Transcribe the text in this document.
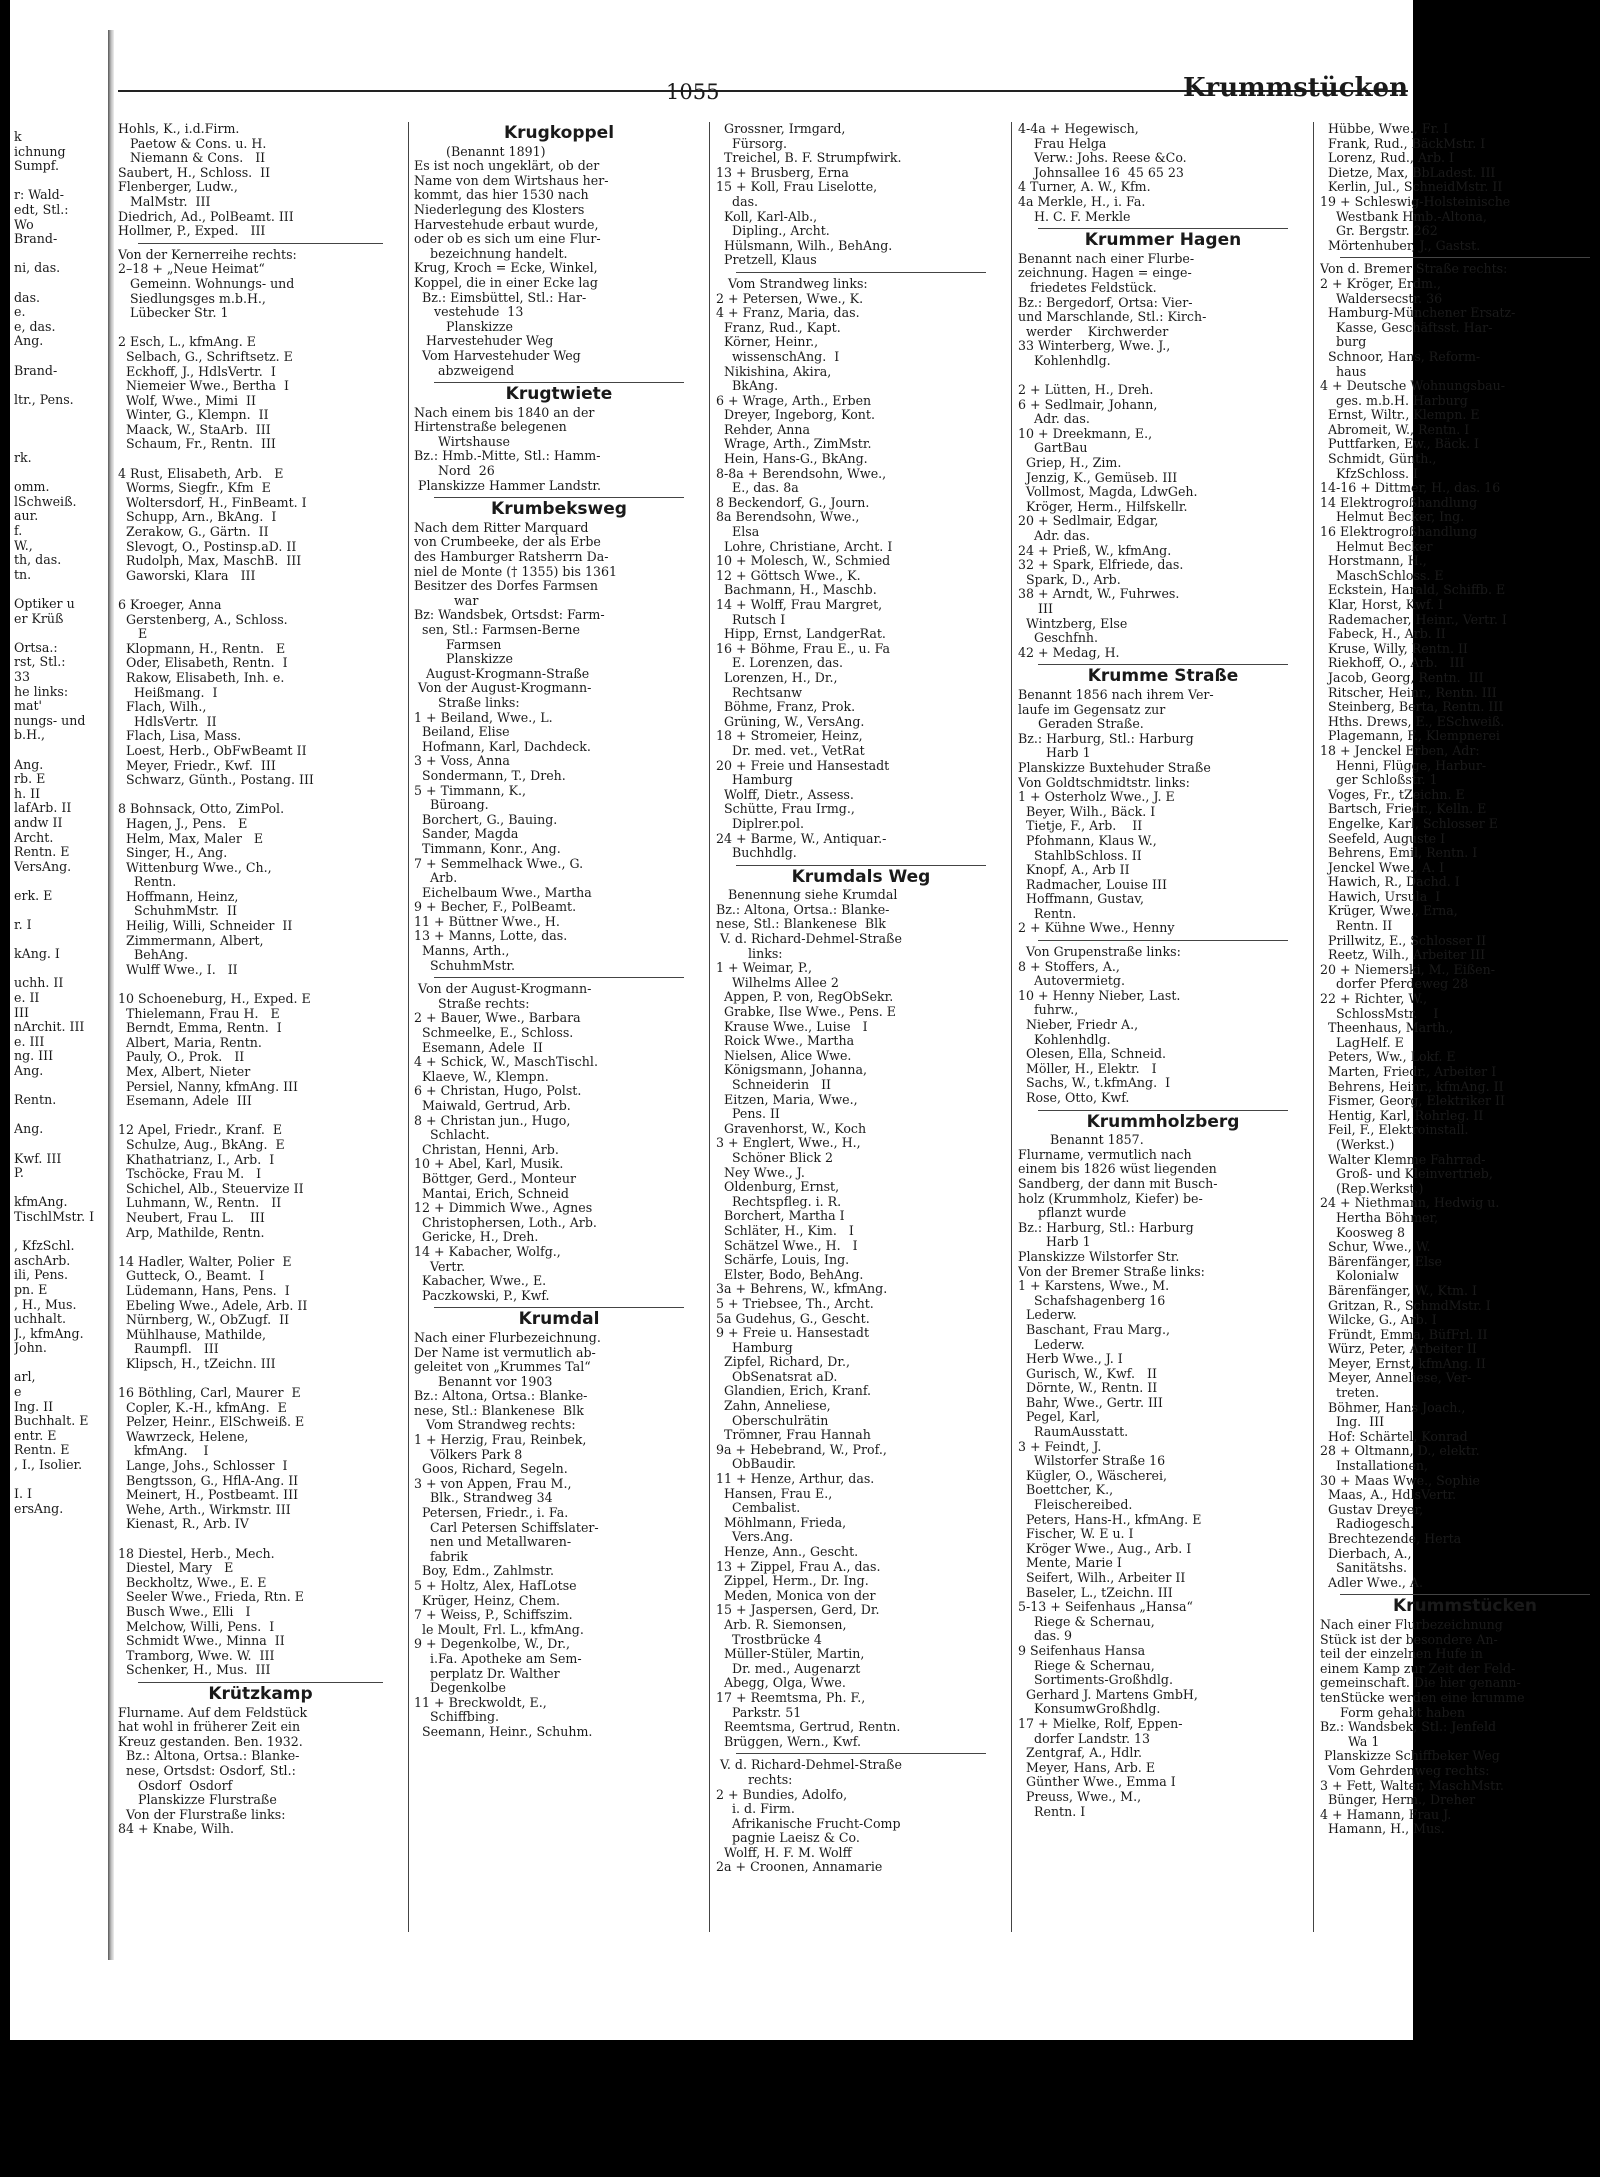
k
ichnung
Sumpf.

r: Wald-
edt, Stl.:
Wo
Brand-

ni, das.

das.
e.
e, das.
Ang.

Brand-

ltr., Pens.

rk.

omm.
lSchweiß.
aur.
f.
W.,
th, das.
tn.

Optiker u
er Krüß

Ortsa.:
rst, Stl.:
33
he links:
mat'
nungs- und
b.H.,

Ang.
rb. E
h. II
lafArb. II
andw II
Archt.
Rentn. E
VersAng.

erk. E

r. I

kAng. I

uchh. II
e. II
III
nArchit. III
e. III
ng. III
Ang.

Rentn.

Ang.

Kwf. III
P.

kfmAng.
TischlMstr. I

, KfzSchl.
aschArb.
ili, Pens.
pn. E
, H., Mus.
uchhalt.
J., kfmAng.
John.

arl,
e
Ing. II
Buchhalt. E
entr. E
Rentn. E
, I., Isolier.

I. I
ersAng.
1055	Krummstücken
Hohls, K., i.d.Firm.
Paetow & Cons. u. H.
Niemann & Cons.   II
Saubert, H., Schloss.  II
Flenberger, Ludw.,
MalMstr.  III
Diedrich, Ad., PolBeamt. III
Hollmer, P., Exped.   III
Von der Kernerreihe rechts:
2–18 + „Neue Heimat“
Gemeinn. Wohnungs- und
Siedlungsges m.b.H.,
Lübecker Str. 1

2 Esch, L., kfmAng. E
Selbach, G., Schriftsetz. E
Eckhoff, J., HdlsVertr.  I
Niemeier Wwe., Bertha  I
Wolf, Wwe., Mimi  II
Winter, G., Klempn.  II
Maack, W., StaArb.  III
Schaum, Fr., Rentn.  III

4 Rust, Elisabeth, Arb.   E
Worms, Siegfr., Kfm  E
Woltersdorf, H., FinBeamt. I
Schupp, Arn., BkAng.  I
Zerakow, G., Gärtn.  II
Slevogt, O., Postinsp.aD. II
Rudolph, Max, MaschB.  III
Gaworski, Klara   III

6 Kroeger, Anna
Gerstenberg, A., Schloss.
E
Klopmann, H., Rentn.   E
Oder, Elisabeth, Rentn.  I
Rakow, Elisabeth, Inh. e.
Heißmang.  I
Flach, Wilh.,
HdlsVertr.  II
Flach, Lisa, Mass.
Loest, Herb., ObFwBeamt II
Meyer, Friedr., Kwf.  III
Schwarz, Günth., Postang. III

8 Bohnsack, Otto, ZimPol.
Hagen, J., Pens.   E
Helm, Max, Maler   E
Singer, H., Ang.
Wittenburg Wwe., Ch.,
Rentn.
Hoffmann, Heinz,
SchuhmMstr.  II
Heilig, Willi, Schneider  II
Zimmermann, Albert,
BehAng.
Wulff Wwe., I.   II

10 Schoeneburg, H., Exped. E
Thielemann, Frau H.   E
Berndt, Emma, Rentn.  I
Albert, Maria, Rentn.
Pauly, O., Prok.   II
Mex, Albert, Nieter
Persiel, Nanny, kfmAng. III
Esemann, Adele  III

12 Apel, Friedr., Kranf.  E
Schulze, Aug., BkAng.  E
Khathatrianz, I., Arb.  I
Tschöcke, Frau M.   I
Schichel, Alb., Steuervize II
Luhmann, W., Rentn.   II
Neubert, Frau L.    III
Arp, Mathilde, Rentn.

14 Hadler, Walter, Polier  E
Gutteck, O., Beamt.  I
Lüdemann, Hans, Pens.  I
Ebeling Wwe., Adele, Arb. II
Nürnberg, W., ObZugf.  II
Mühlhause, Mathilde,
Raumpfl.   III
Klipsch, H., tZeichn. III

16 Böthling, Carl, Maurer  E
Copler, K.-H., kfmAng.  E
Pelzer, Heinr., ElSchweiß. E
Wawrzeck, Helene,
kfmAng.    I
Lange, Johs., Schlosser  I
Bengtsson, G., HflA-Ang. II
Meinert, H., Postbeamt. III
Wehe, Arth., Wirkmstr. III
Kienast, R., Arb. IV

18 Diestel, Herb., Mech.
Diestel, Mary   E
Beckholtz, Wwe., E. E
Seeler Wwe., Frieda, Rtn. E
Busch Wwe., Elli   I
Melchow, Willi, Pens.  I
Schmidt Wwe., Minna  II
Tramborg, Wwe. W.  III
Schenker, H., Mus.  III
Krützkamp
Flurname. Auf dem Feldstück
hat wohl in früherer Zeit ein
Kreuz gestanden. Ben. 1932.
Bz.: Altona, Ortsa.: Blanke-
nese, Ortsdst: Osdorf, Stl.:
Osdorf  Osdorf
Planskizze Flurstraße
Von der Flurstraße links:
84 + Knabe, Wilh.
Krugkoppel
(Benannt 1891)
Es ist noch ungeklärt, ob der
Name von dem Wirtshaus her-
kommt, das hier 1530 nach
Niederlegung des Klosters
Harvestehude erbaut wurde,
oder ob es sich um eine Flur-
bezeichnung handelt.
Krug, Kroch = Ecke, Winkel,
Koppel, die in einer Ecke lag
Bz.: Eimsbüttel, Stl.: Har-
vestehude  13
Planskizze
Harvestehuder Weg
Vom Harvestehuder Weg
abzweigend
Krugtwiete
Nach einem bis 1840 an der
Hirtenstraße belegenen
Wirtshause
Bz.: Hmb.-Mitte, Stl.: Hamm-
Nord  26
Planskizze Hammer Landstr.
Krumbeksweg
Nach dem Ritter Marquard
von Crumbeeke, der als Erbe
des Hamburger Ratsherrn Da-
niel de Monte († 1355) bis 1361
Besitzer des Dorfes Farmsen
war
Bz: Wandsbek, Ortsdst: Farm-
sen, Stl.: Farmsen-Berne
Farmsen
Planskizze
August-Krogmann-Straße
Von der August-Krogmann-
Straße links:
1 + Beiland, Wwe., L.
Beiland, Elise
Hofmann, Karl, Dachdeck.
3 + Voss, Anna
Sondermann, T., Dreh.
5 + Timmann, K.,
Büroang.
Borchert, G., Bauing.
Sander, Magda
Timmann, Konr., Ang.
7 + Semmelhack Wwe., G.
Arb.
Eichelbaum Wwe., Martha
9 + Becher, F., PolBeamt.
11 + Büttner Wwe., H.
13 + Manns, Lotte, das.
Manns, Arth.,
SchuhmMstr.
Von der August-Krogmann-
Straße rechts:
2 + Bauer, Wwe., Barbara
Schmeelke, E., Schloss.
Esemann, Adele  II
4 + Schick, W., MaschTischl.
Klaeve, W., Klempn.
6 + Christan, Hugo, Polst.
Maiwald, Gertrud, Arb.
8 + Christan jun., Hugo,
Schlacht.
Christan, Henni, Arb.
10 + Abel, Karl, Musik.
Böttger, Gerd., Monteur
Mantai, Erich, Schneid
12 + Dimmich Wwe., Agnes
Christophersen, Loth., Arb.
Gericke, H., Dreh.
14 + Kabacher, Wolfg.,
Vertr.
Kabacher, Wwe., E.
Paczkowski, P., Kwf.
Krumdal
Nach einer Flurbezeichnung.
Der Name ist vermutlich ab-
geleitet von „Krummes Tal“
Benannt vor 1903
Bz.: Altona, Ortsa.: Blanke-
nese, Stl.: Blankenese  Blk
Vom Strandweg rechts:
1 + Herzig, Frau, Reinbek,
Völkers Park 8
Goos, Richard, Segeln.
3 + von Appen, Frau M.,
Blk., Strandweg 34
Petersen, Friedr., i. Fa.
Carl Petersen Schiffslater-
nen und Metallwaren-
fabrik
Boy, Edm., Zahlmstr.
5 + Holtz, Alex, HafLotse
Krüger, Heinz, Chem.
7 + Weiss, P., Schiffszim.
le Moult, Frl. L., kfmAng.
9 + Degenkolbe, W., Dr.,
i.Fa. Apotheke am Sem-
perplatz Dr. Walther
Degenkolbe
11 + Breckwoldt, E.,
Schiffbing.
Seemann, Heinr., Schuhm.
Grossner, Irmgard,
Fürsorg.
Treichel, B. F. Strumpfwirk.
13 + Brusberg, Erna
15 + Koll, Frau Liselotte,
das.
Koll, Karl-Alb.,
Dipling., Archt.
Hülsmann, Wilh., BehAng.
Pretzell, Klaus
Vom Strandweg links:
2 + Petersen, Wwe., K.
4 + Franz, Maria, das.
Franz, Rud., Kapt.
Körner, Heinr.,
wissenschAng.  I
Nikishina, Akira,
BkAng.
6 + Wrage, Arth., Erben
Dreyer, Ingeborg, Kont.
Rehder, Anna
Wrage, Arth., ZimMstr.
Hein, Hans-G., BkAng.
8-8a + Berendsohn, Wwe.,
E., das. 8a
8 Beckendorf, G., Journ.
8a Berendsohn, Wwe.,
Elsa
Lohre, Christiane, Archt. I
10 + Molesch, W., Schmied
12 + Göttsch Wwe., K.
Bachmann, H., Maschb.
14 + Wolff, Frau Margret,
Rutsch I
Hipp, Ernst, LandgerRat.
16 + Böhme, Frau E., u. Fa
E. Lorenzen, das.
Lorenzen, H., Dr.,
Rechtsanw
Böhme, Franz, Prok.
Grüning, W., VersAng.
18 + Stromeier, Heinz,
Dr. med. vet., VetRat
20 + Freie und Hansestadt
Hamburg
Wolff, Dietr., Assess.
Schütte, Frau Irmg.,
Diplrer.pol.
24 + Barme, W., Antiquar.-
Buchhdlg.
Krumdals Weg
Benennung siehe Krumdal
Bz.: Altona, Ortsa.: Blanke-
nese, Stl.: Blankenese  Blk
V. d. Richard-Dehmel-Straße
links:
1 + Weimar, P.,
Wilhelms Allee 2
Appen, P. von, RegObSekr.
Grabke, Ilse Wwe., Pens. E
Krause Wwe., Luise   I
Roick Wwe., Martha
Nielsen, Alice Wwe.
Königsmann, Johanna,
Schneiderin   II
Eitzen, Maria, Wwe.,
Pens. II
Gravenhorst, W., Koch
3 + Englert, Wwe., H.,
Schöner Blick 2
Ney Wwe., J.
Oldenburg, Ernst,
Rechtspfleg. i. R.
Borchert, Martha I
Schläter, H., Kim.   I
Schätzel Wwe., H.   I
Schärfe, Louis, Ing.
Elster, Bodo, BehAng.
3a + Behrens, W., kfmAng.
5 + Triebsee, Th., Archt.
5a Gudehus, G., Gescht.
9 + Freie u. Hansestadt
Hamburg
Zipfel, Richard, Dr.,
ObSenatsrat aD.
Glandien, Erich, Kranf.
Zahn, Anneliese,
Oberschulrätin
Trömner, Frau Hannah
9a + Hebebrand, W., Prof.,
ObBaudir.
11 + Henze, Arthur, das.
Hansen, Frau E.,
Cembalist.
Möhlmann, Frieda,
Vers.Ang.
Henze, Ann., Gescht.
13 + Zippel, Frau A., das.
Zippel, Herm., Dr. Ing.
Meden, Monica von der
15 + Jaspersen, Gerd, Dr.
Arb. R. Siemonsen,
Trostbrücke 4
Müller-Stüler, Martin,
Dr. med., Augenarzt
Abegg, Olga, Wwe.
17 + Reemtsma, Ph. F.,
Parkstr. 51
Reemtsma, Gertrud, Rentn.
Brüggen, Wern., Kwf.
V. d. Richard-Dehmel-Straße
rechts:
2 + Bundies, Adolfo,
i. d. Firm.
Afrikanische Frucht-Comp
pagnie Laeisz & Co.
Wolff, H. F. M. Wolff
2a + Croonen, Annamarie
4-4a + Hegewisch,
Frau Helga
Verw.: Johs. Reese &Co.
Johnsallee 16  45 65 23
4 Turner, A. W., Kfm.
4a Merkle, H., i. Fa.
H. C. F. Merkle
Krummer Hagen
Benannt nach einer Flurbe-
zeichnung. Hagen = einge-
friedetes Feldstück.
Bz.: Bergedorf, Ortsa: Vier-
und Marschlande, Stl.: Kirch-
werder    Kirchwerder
33 Winterberg, Wwe. J.,
Kohlenhdlg.

2 + Lütten, H., Dreh.
6 + Sedlmair, Johann,
Adr. das.
10 + Dreekmann, E.,
GartBau
Griep, H., Zim.
Jenzig, K., Gemüseb. III
Vollmost, Magda, LdwGeh.
Kröger, Herm., Hilfskellr.
20 + Sedlmair, Edgar,
Adr. das.
24 + Prieß, W., kfmAng.
32 + Spark, Elfriede, das.
Spark, D., Arb.
38 + Arndt, W., Fuhrwes.
III
Wintzberg, Else
Geschfnh.
42 + Medag, H.
Krumme Straße
Benannt 1856 nach ihrem Ver-
laufe im Gegensatz zur
Geraden Straße.
Bz.: Harburg, Stl.: Harburg
Harb 1
Planskizze Buxtehuder Straße
Von Goldtschmidtstr. links:
1 + Osterholz Wwe., J. E
Beyer, Wilh., Bäck. I
Tietje, F., Arb.    II
Pfohmann, Klaus W.,
StahlbSchloss. II
Knopf, A., Arb II
Radmacher, Louise III
Hoffmann, Gustav,
Rentn.
2 + Kühne Wwe., Henny
Von Grupenstraße links:
8 + Stoffers, A.,
Autovermietg.
10 + Henny Nieber, Last.
fuhrw.,
Nieber, Friedr A.,
Kohlenhdlg.
Olesen, Ella, Schneid.
Möller, H., Elektr.   I
Sachs, W., t.kfmAng.  I
Rose, Otto, Kwf.
Krummholzberg
Benannt 1857.
Flurname, vermutlich nach
einem bis 1826 wüst liegenden
Sandberg, der dann mit Busch-
holz (Krummholz, Kiefer) be-
pflanzt wurde
Bz.: Harburg, Stl.: Harburg
Harb 1
Planskizze Wilstorfer Str.
Von der Bremer Straße links:
1 + Karstens, Wwe., M.
Schafshagenberg 16
Lederw.
Baschant, Frau Marg.,
Lederw.
Herb Wwe., J. I
Gurisch, W., Kwf.   II
Dörnte, W., Rentn. II
Bahr, Wwe., Gertr. III
Pegel, Karl,
RaumAusstatt.
3 + Feindt, J.
Wilstorfer Straße 16
Kügler, O., Wäscherei,
Boettcher, K.,
Fleischereibed.
Peters, Hans-H., kfmAng. E
Fischer, W. E u. I
Kröger Wwe., Aug., Arb. I
Mente, Marie I
Seifert, Wilh., Arbeiter II
Baseler, L., tZeichn. III
5-13 + Seifenhaus „Hansa“
Riege & Schernau,
das. 9
9 Seifenhaus Hansa
Riege & Schernau,
Sortiments-Großhdlg.
Gerhard J. Martens GmbH,
KonsumwGroßhdlg.
17 + Mielke, Rolf, Eppen-
dorfer Landstr. 13
Zentgraf, A., Hdlr.
Meyer, Hans, Arb. E
Günther Wwe., Emma I
Preuss, Wwe., M.,
Rentn. I
Hübbe, Wwe., Fr. I
Frank, Rud., BäckMstr. I
Lorenz, Rud., Arb. I
Dietze, Max, BbLadest. III
Kerlin, Jul., SchneidMstr. II
19 + Schleswig-Holsteinische
Westbank Hmb.-Altona,
Gr. Bergstr. 262
Mörtenhuber, J., Gastst.
Von d. Bremer Straße rechts:
2 + Kröger, Erdm.,
Waldersecstr. 36
Hamburg-Münchener Ersatz-
Kasse, Geschäftsst. Har-
burg
Schnoor, Hans, Reform-
haus
4 + Deutsche Wohnungsbau-
ges. m.b.H. Harburg
Ernst, Wiltr., Klempn. E
Abromeit, W., Rentn. I
Puttfarken, Ew., Bäck. I
Schmidt, Günth.,
KfzSchloss. I
14-16 + Dittmer, H., das. 16
14 Elektrogroßhandlung
Helmut Becker, Ing.
16 Elektrogroßhandlung
Helmut Becker
Horstmann, H.,
MaschSchloss. E
Eckstein, Harald, Schiffb. E
Klar, Horst, Kwf. I
Rademacher, Heinr., Vertr. I
Fabeck, H., Arb. II
Kruse, Willy, Rentn. II
Riekhoff, O., Arb.   III
Jacob, Georg, Rentn.  III
Ritscher, Heinr., Rentn. III
Steinberg, Berta, Rentn. III
Hths. Drews, E., ESchweiß.
Plagemann, F., Klempnerei
18 + Jenckel Erben, Adr:
Henni, Flügge, Harbur-
ger Schloßstr. 1
Voges, Fr., tZeichn. E
Bartsch, Friedr., Kelln. E
Engelke, Karl, Schlosser E
Seefeld, Auguste I
Behrens, Emil, Rentn. I
Jenckel Wwe., A. I
Hawich, R., Dachd. I
Hawich, Ursula  I
Krüger, Wwe., Erna,
Rentn. II
Prillwitz, E., Schlosser II
Reetz, Wilh., Arbeiter III
20 + Niemerski, M., Eißen-
dorfer Pferdeweg 28
22 + Richter, W.,
SchlossMstr.    I
Theenhaus, Marth.,
LagHelf. E
Peters, Ww., Lokf. E
Marten, Friedr., Arbeiter I
Behrens, Heinr., kfmAng. II
Fismer, Georg, Elektriker II
Hentig, Karl, Rohrleg. II
Feil, F., Elektroinstall.
(Werkst.)
Walter Klemme Fahrrad-
Groß- und Kleinvertrieb,
(Rep.Werkst.)
24 + Niethmann, Hedwig u.
Hertha Böhmer,
Koosweg 8
Schur, Wwe., W.
Bärenfänger, Else
Kolonialw
Bärenfänger, W., Ktm. I
Gritzan, R., SchmdMstr. I
Wilcke, G., Arb. I
Fründt, Emma, BüfFrl. II
Würz, Peter, Arbeiter II
Meyer, Ernst, kfmAng. II
Meyer, Anneliese, Ver-
treten.
Böhmer, Hans Joach.,
Ing.  III
Hof: Schärtel, Konrad
28 + Oltmann, D., elektr.
Installationen,
30 + Maas Wwe., Sophie
Maas, A., HdlsVertr.
Gustav Dreyer,
Radiogesch.
Brechtezende, Herta
Dierbach, A.,
Sanitätshs.
Adler Wwe., A.
Krummstücken
Nach einer Flurbezeichnung
Stück ist der besondere An-
teil der einzelnen Hufe in
einem Kamp zur Zeit der Feld-
gemeinschaft. Die hier genann-
tenStücke werden eine krumme
Form gehabt haben
Bz.: Wandsbek, Stl.: Jenfeld
Wa 1
Planskizze Schiffbeker Weg
Vom Gehrdenweg rechts:
3 + Fett, Walter, MaschMstr.
Bünger, Herm., Dreher
4 + Hamann, Frau J.
Hamann, H., Mus.
